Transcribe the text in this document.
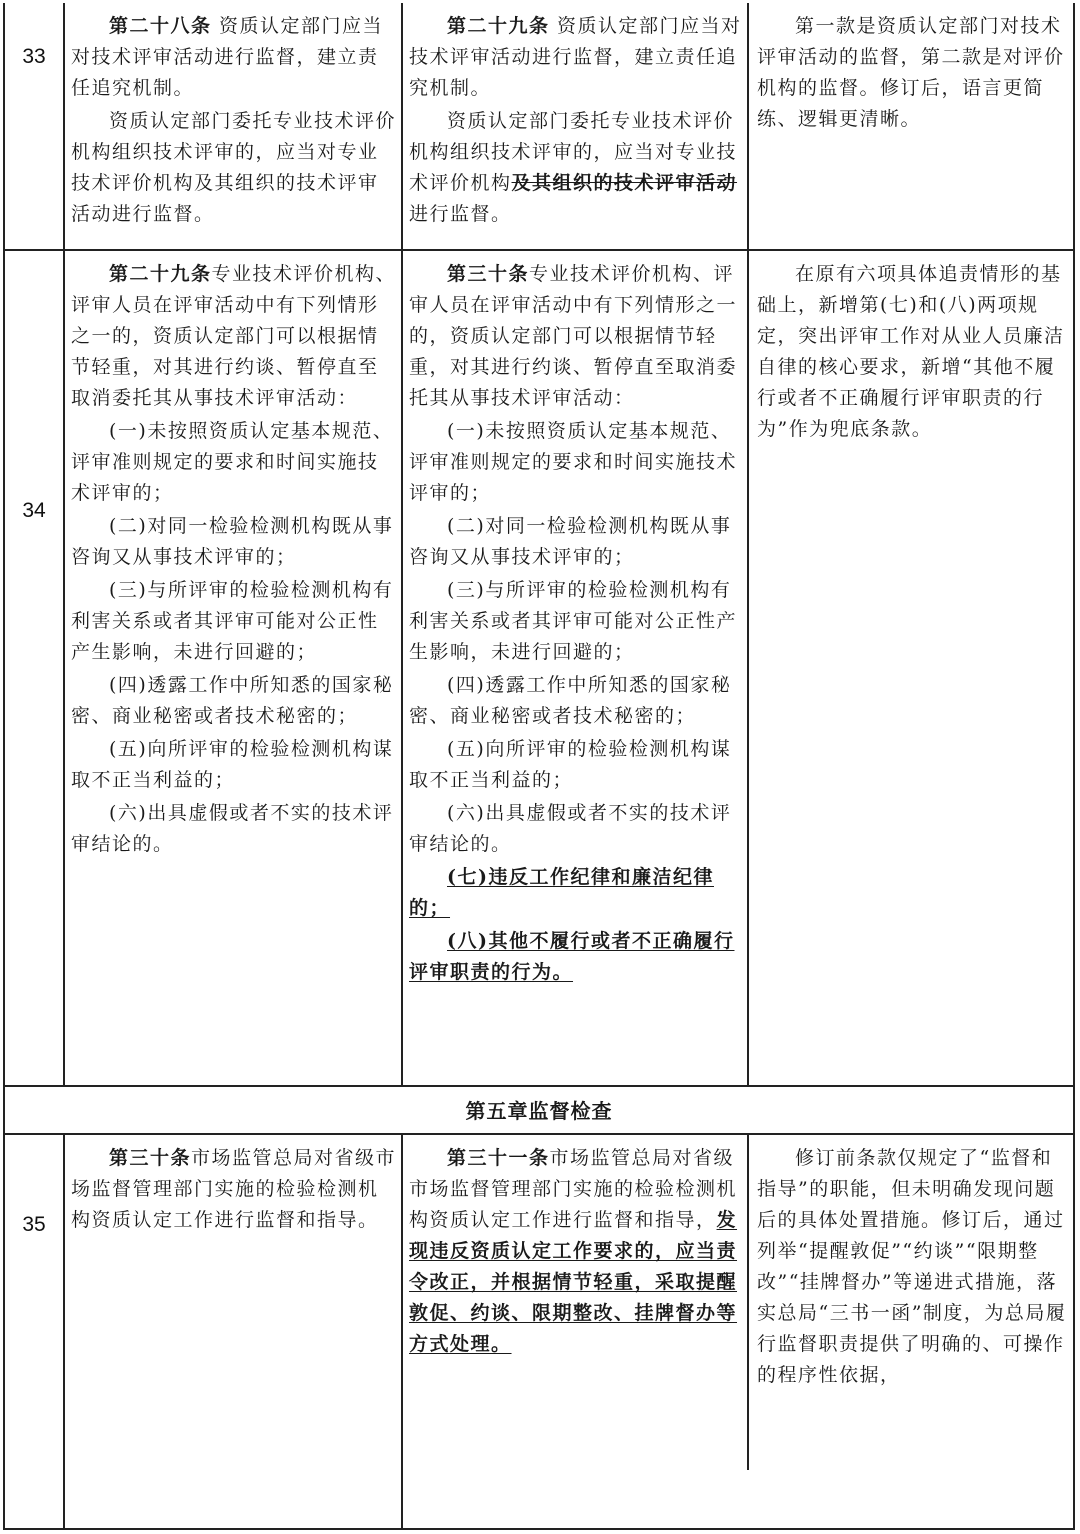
33

第二十八条 资质认定部门应当对技术评审活动进行监督，建立责任追究机制。

资质认定部门委托专业技术评价机构组织技术评审的，应当对专业技术评价机构及其组织的技术评审活动进行监督。

第二十九条 资质认定部门应当对技术评审活动进行监督，建立责任追究机制。

资质认定部门委托专业技术评价机构组织技术评审的，应当对专业技术评价机构及其组织的技术评审活动进行监督。

第一款是资质认定部门对技术评审活动的监督，第二款是对评价机构的监督。修订后，语言更简练、逻辑更清晰。

34

第二十九条专业技术评价机构、评审人员在评审活动中有下列情形之一的，资质认定部门可以根据情节轻重，对其进行约谈、暂停直至取消委托其从事技术评审活动：

(一)未按照资质认定基本规范、评审准则规定的要求和时间实施技术评审的；

(二)对同一检验检测机构既从事咨询又从事技术评审的；

(三)与所评审的检验检测机构有利害关系或者其评审可能对公正性产生影响，未进行回避的；

(四)透露工作中所知悉的国家秘密、商业秘密或者技术秘密的；

(五)向所评审的检验检测机构谋取不正当利益的；

(六)出具虚假或者不实的技术评审结论的。

第三十条专业技术评价机构、评审人员在评审活动中有下列情形之一的，资质认定部门可以根据情节轻重，对其进行约谈、暂停直至取消委托其从事技术评审活动：

(一)未按照资质认定基本规范、评审准则规定的要求和时间实施技术评审的；

(二)对同一检验检测机构既从事咨询又从事技术评审的；

(三)与所评审的检验检测机构有利害关系或者其评审可能对公正性产生影响，未进行回避的；

(四)透露工作中所知悉的国家秘密、商业秘密或者技术秘密的；

(五)向所评审的检验检测机构谋取不正当利益的；

(六)出具虚假或者不实的技术评审结论的。

(七)违反工作纪律和廉洁纪律的；

(八)其他不履行或者不正确履行评审职责的行为。

在原有六项具体追责情形的基础上，新增第(七)和(八)两项规定，突出评审工作对从业人员廉洁自律的核心要求，新增“其他不履行或者不正确履行评审职责的行为”作为兜底条款。

第五章监督检查
35

第三十条市场监管总局对省级市场监督管理部门实施的检验检测机构资质认定工作进行监督和指导。

第三十一条市场监管总局对省级市场监督管理部门实施的检验检测机构资质认定工作进行监督和指导，发现违反资质认定工作要求的，应当责令改正，并根据情节轻重，采取提醒敦促、约谈、限期整改、挂牌督办等方式处理。

修订前条款仅规定了“监督和指导”的职能，但未明确发现问题后的具体处置措施。修订后，通过列举“提醒敦促”“约谈”“限期整改”“挂牌督办”等递进式措施，落实总局“三书一函”制度，为总局履行监督职责提供了明确的、可操作的程序性依据，
